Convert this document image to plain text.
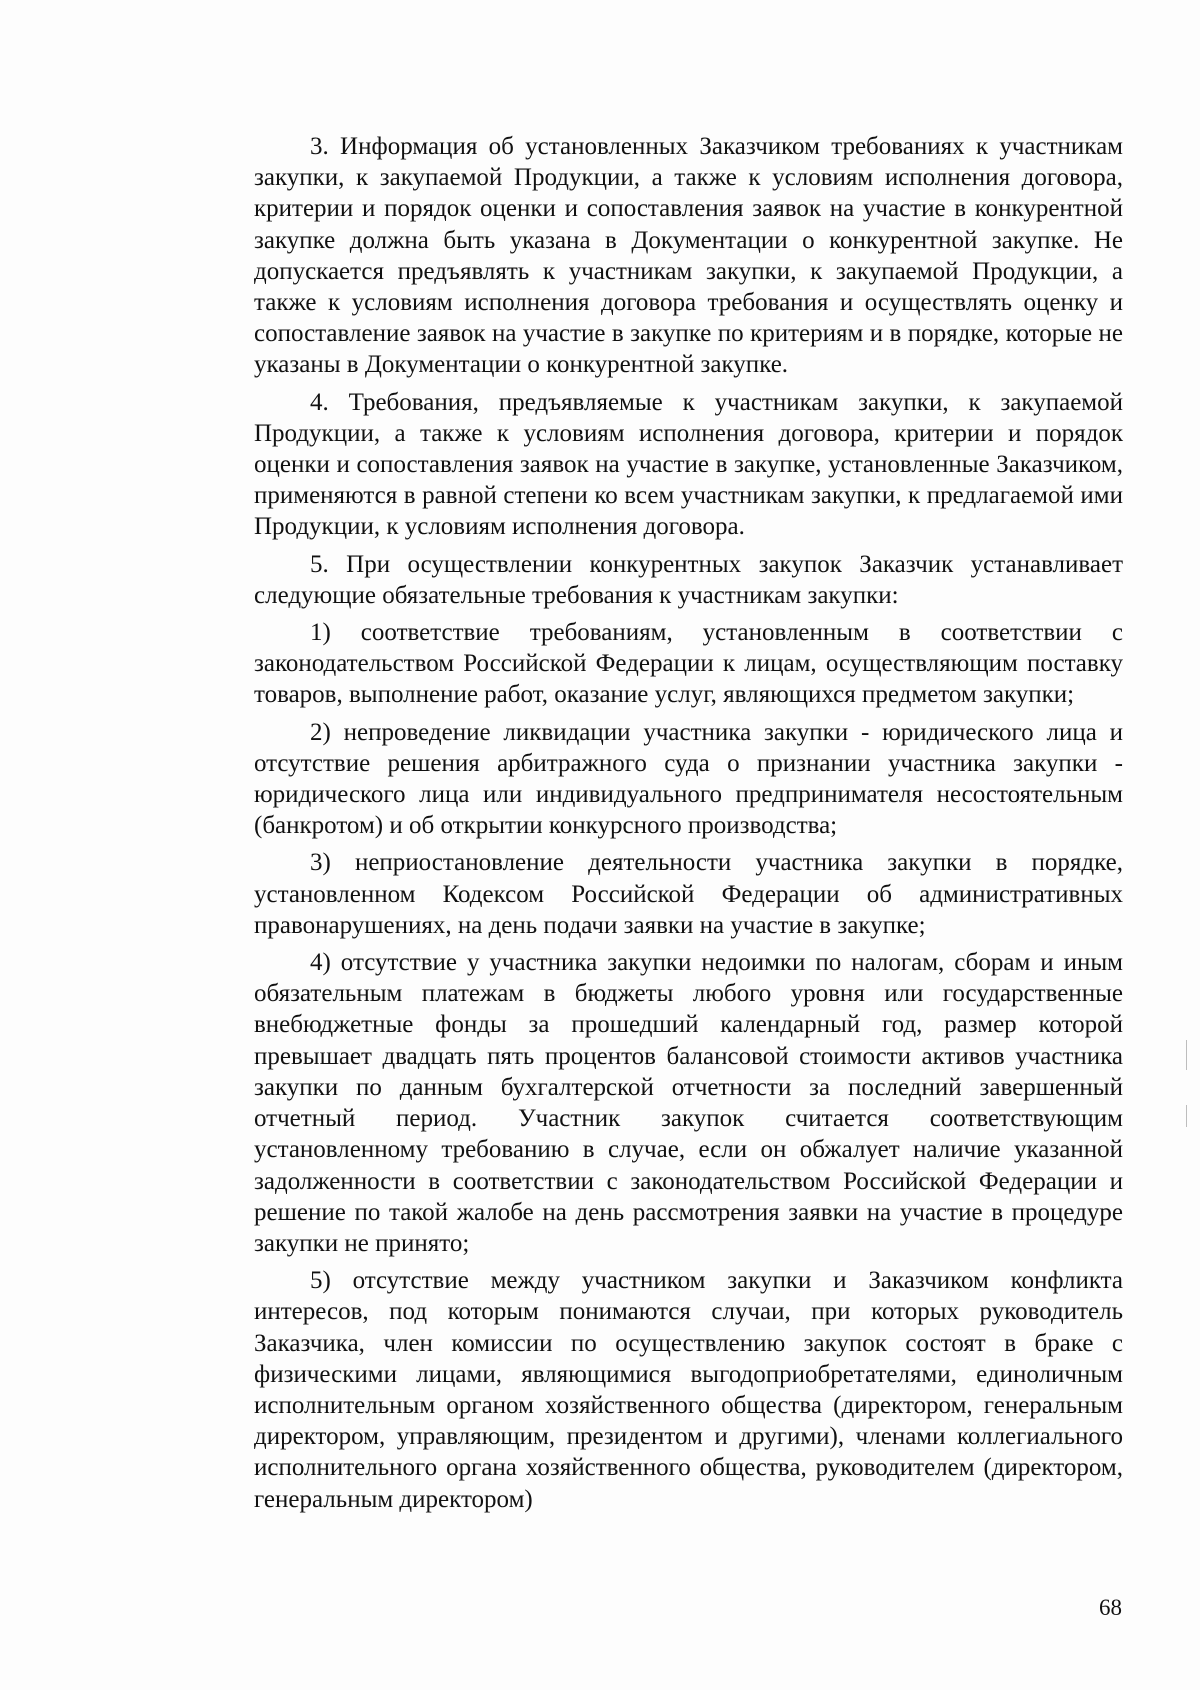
3. Информация об установленных Заказчиком требованиях к участникам закупки, к закупаемой Продукции, а также к условиям исполнения договора, критерии и порядок оценки и сопоставления заявок на участие в конкурентной закупке должна быть указана в Документации о конкурентной закупке. Не допускается предъявлять к участникам закупки, к закупаемой Продукции, а также к условиям исполнения договора требования и осуществлять оценку и сопоставление заявок на участие в закупке по критериям и в порядке, которые не указаны в Документации о конкурентной закупке.

4. Требования, предъявляемые к участникам закупки, к закупаемой Продукции, а также к условиям исполнения договора, критерии и порядок оценки и сопоставления заявок на участие в закупке, установленные Заказчиком, применяются в равной степени ко всем участникам закупки, к предлагаемой ими Продукции, к условиям исполнения договора.

5. При осуществлении конкурентных закупок Заказчик устанавливает следующие обязательные требования к участникам закупки:

1) соответствие требованиям, установленным в соответствии с законодательством Российской Федерации к лицам, осуществляющим поставку товаров, выполнение работ, оказание услуг, являющихся предметом закупки;

2) непроведение ликвидации участника закупки - юридического лица и отсутствие решения арбитражного суда о признании участника закупки - юридического лица или индивидуального предпринимателя несостоятельным (банкротом) и об открытии конкурсного производства;

3) неприостановление деятельности участника закупки в порядке, установленном Кодексом Российской Федерации об административных правонарушениях, на день подачи заявки на участие в закупке;

4) отсутствие у участника закупки недоимки по налогам, сборам и иным обязательным платежам в бюджеты любого уровня или государственные внебюджетные фонды за прошедший календарный год, размер которой превышает двадцать пять процентов балансовой стоимости активов участника закупки по данным бухгалтерской отчетности за последний завершенный отчетный период. Участник закупок считается соответствующим установленному требованию в случае, если он обжалует наличие указанной задолженности в соответствии с законодательством Российской Федерации и решение по такой жалобе на день рассмотрения заявки на участие в процедуре закупки не принято;

5) отсутствие между участником закупки и Заказчиком конфликта интересов, под которым понимаются случаи, при которых руководитель Заказчика, член комиссии по осуществлению закупок состоят в браке с физическими лицами, являющимися выгодоприобретателями, единоличным исполнительным органом хозяйственного общества (директором, генеральным директором, управляющим, президентом и другими), членами коллегиального исполнительного органа хозяйственного общества, руководителем (директором, генеральным директором)

68
